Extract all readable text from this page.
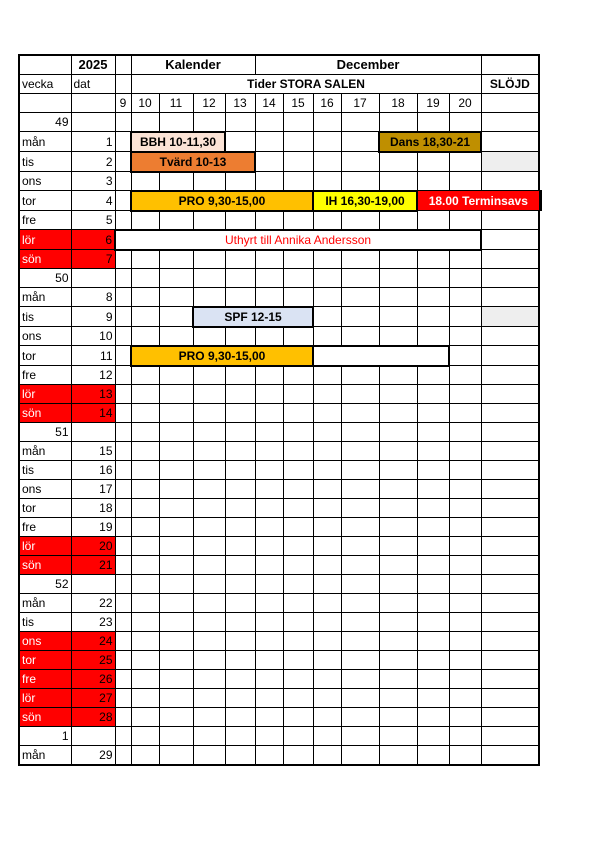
	2025		Kalender				December								
vecka	dat		Tider STORA SALEN											SLÖJD	
		9	10	11	12	13	14	15	16	17	18	19	20		
49															
mån	1		BBH 10-11,30								Dans 18,30-21				
tis	2		Tvärd 10-13												
ons	3														
tor	4		PRO 9,30-15,00						IH 16,30-19,00			18.00 Terminsavs			
fre	5														
lör	6	Uthyrt till Annika Andersson													
sön	7														
50															
mån	8														
tis	9				SPF 12-15										
ons	10														
tor	11		PRO 9,30-15,00												
fre	12														
lör	13														
sön	14														
51															
mån	15														
tis	16														
ons	17														
tor	18														
fre	19														
lör	20														
sön	21														
52															
mån	22														
tis	23														
ons	24														
tor	25														
fre	26														
lör	27														
sön	28														
1															
mån	29														
